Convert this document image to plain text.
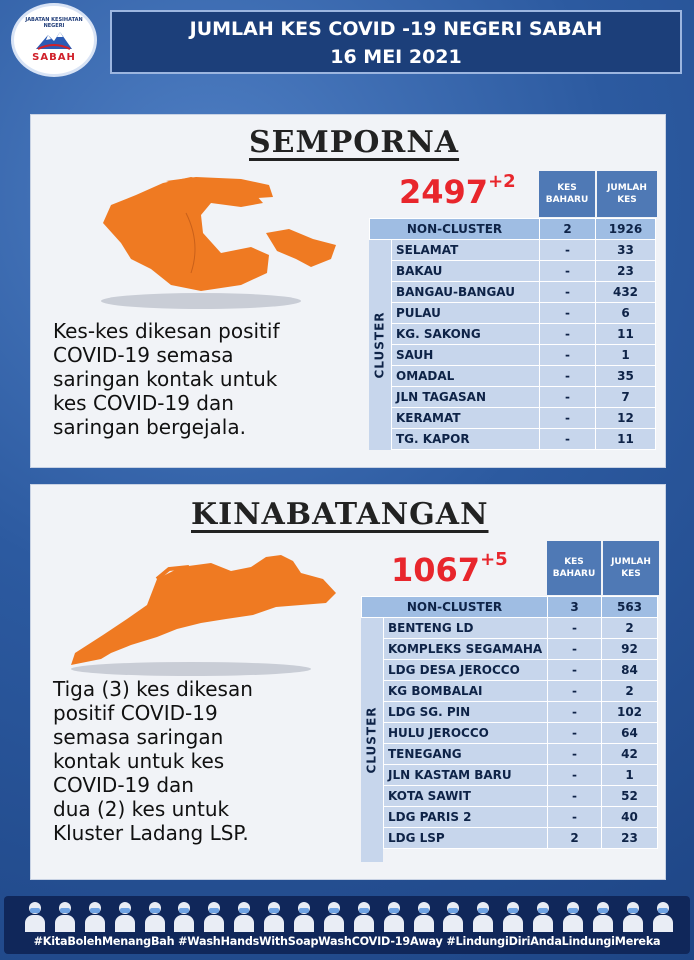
JABATAN KESIHATAN NEGERI
SABAH
JUMLAH KES COVID -19 NEGERI SABAH
16 MEI 2021
SEMPORNA
$2497^{+2}$	KES BAHARU
JUMLAH KES
CLUSTER
NON-CLUSTER		2	1926
	SELAMAT	-	33
	BAKAU	-	23
	BANGAU-BANGAU	-	432
	PULAU	-	6
	KG. SAKONG	-	11
	SAUH	-	1
	OMADAL	-	35
	JLN TAGASAN	-	7
	KERAMAT	-	12
	TG. KAPOR	-	11
Kes-kes dikesan positif
COVID-19 semasa
saringan kontak untuk
kes COVID-19 dan
saringan bergejala.
KINABATANGAN
$1067^{+5}$	KES BAHARU
JUMLAH KES
CLUSTER
NON-CLUSTER		3	563
	BENTENG LD	-	2
	KOMPLEKS SEGAMAHA	-	92
	LDG DESA JEROCCO	-	84
	KG BOMBALAI	-	2
	LDG SG. PIN	-	102
	HULU JEROCCO	-	64
	TENEGANG	-	42
	JLN KASTAM BARU	-	1
	KOTA SAWIT	-	52
	LDG PARIS 2	-	40
	LDG LSP	2	23
Tiga (3) kes dikesan
positif COVID-19
semasa saringan
kontak untuk kes
COVID-19 dan
dua (2) kes untuk
Kluster Ladang LSP.
#KitaBolehMenangBah #WashHandsWithSoapWashCOVID-19Away #LindungiDiriAndaLindungiMereka
